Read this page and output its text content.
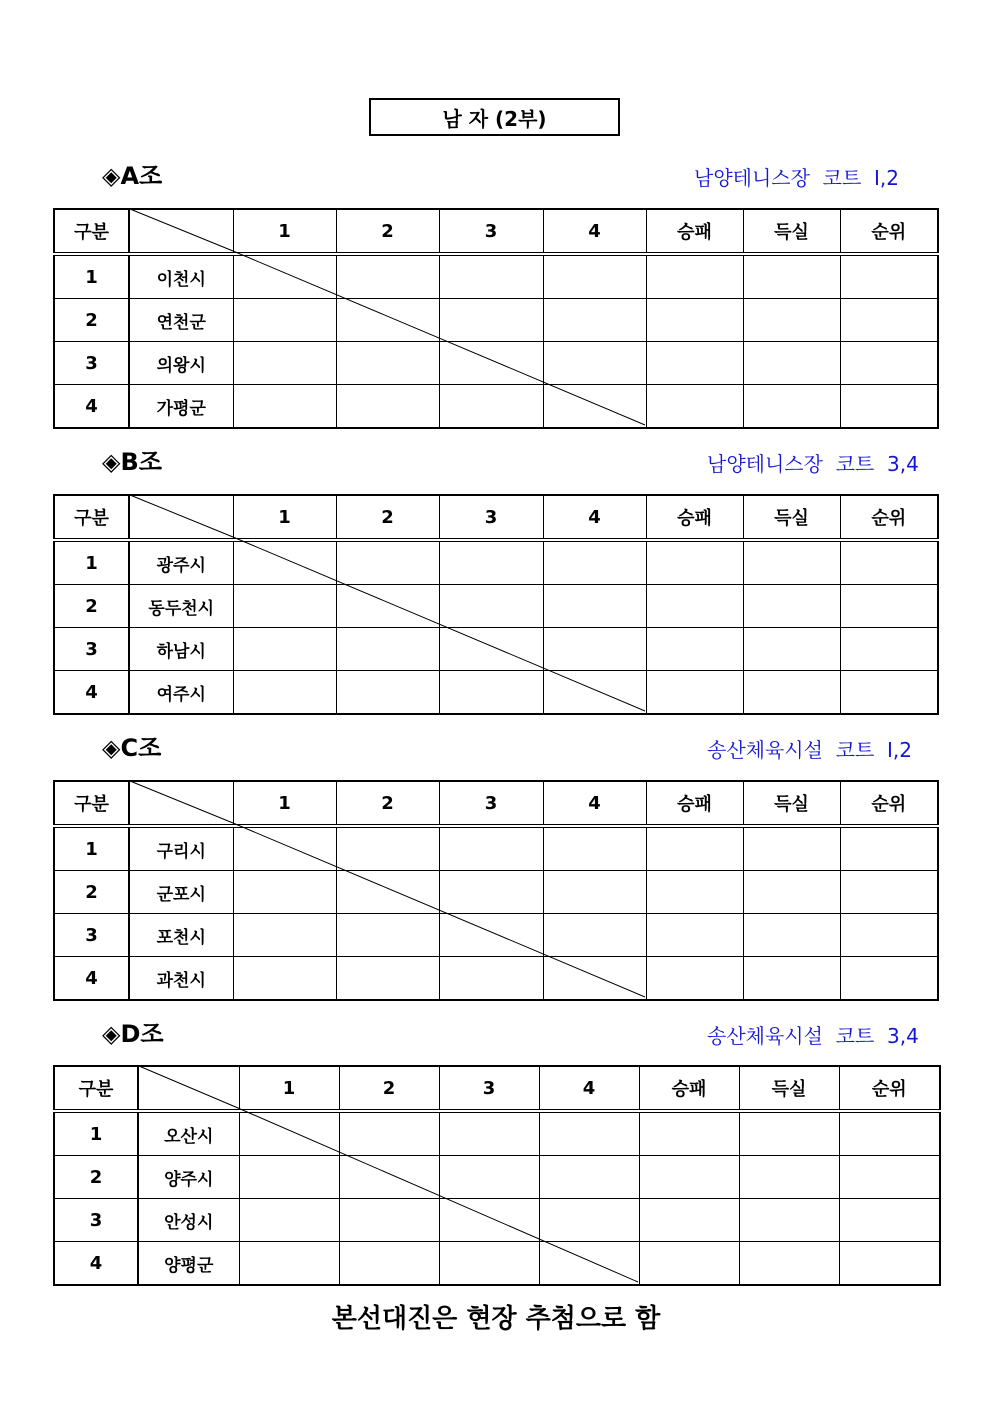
남 자 (2부)
◈A조	남양테니스장  코트  I,2
구분		1	2	3	4	승패	득실	순위
1	이천시							
2	연천군							
3	의왕시							
4	가평군							
◈B조	남양테니스장  코트  3,4
구분		1	2	3	4	승패	득실	순위
1	광주시							
2	동두천시							
3	하남시							
4	여주시							
◈C조	송산체육시설  코트  I,2
구분		1	2	3	4	승패	득실	순위
1	구리시							
2	군포시							
3	포천시							
4	과천시							
◈D조	송산체육시설  코트  3,4
구분		1	2	3	4	승패	득실	순위
1	오산시							
2	양주시							
3	안성시							
4	양평군							
본선대진은 현장 추첨으로 함
